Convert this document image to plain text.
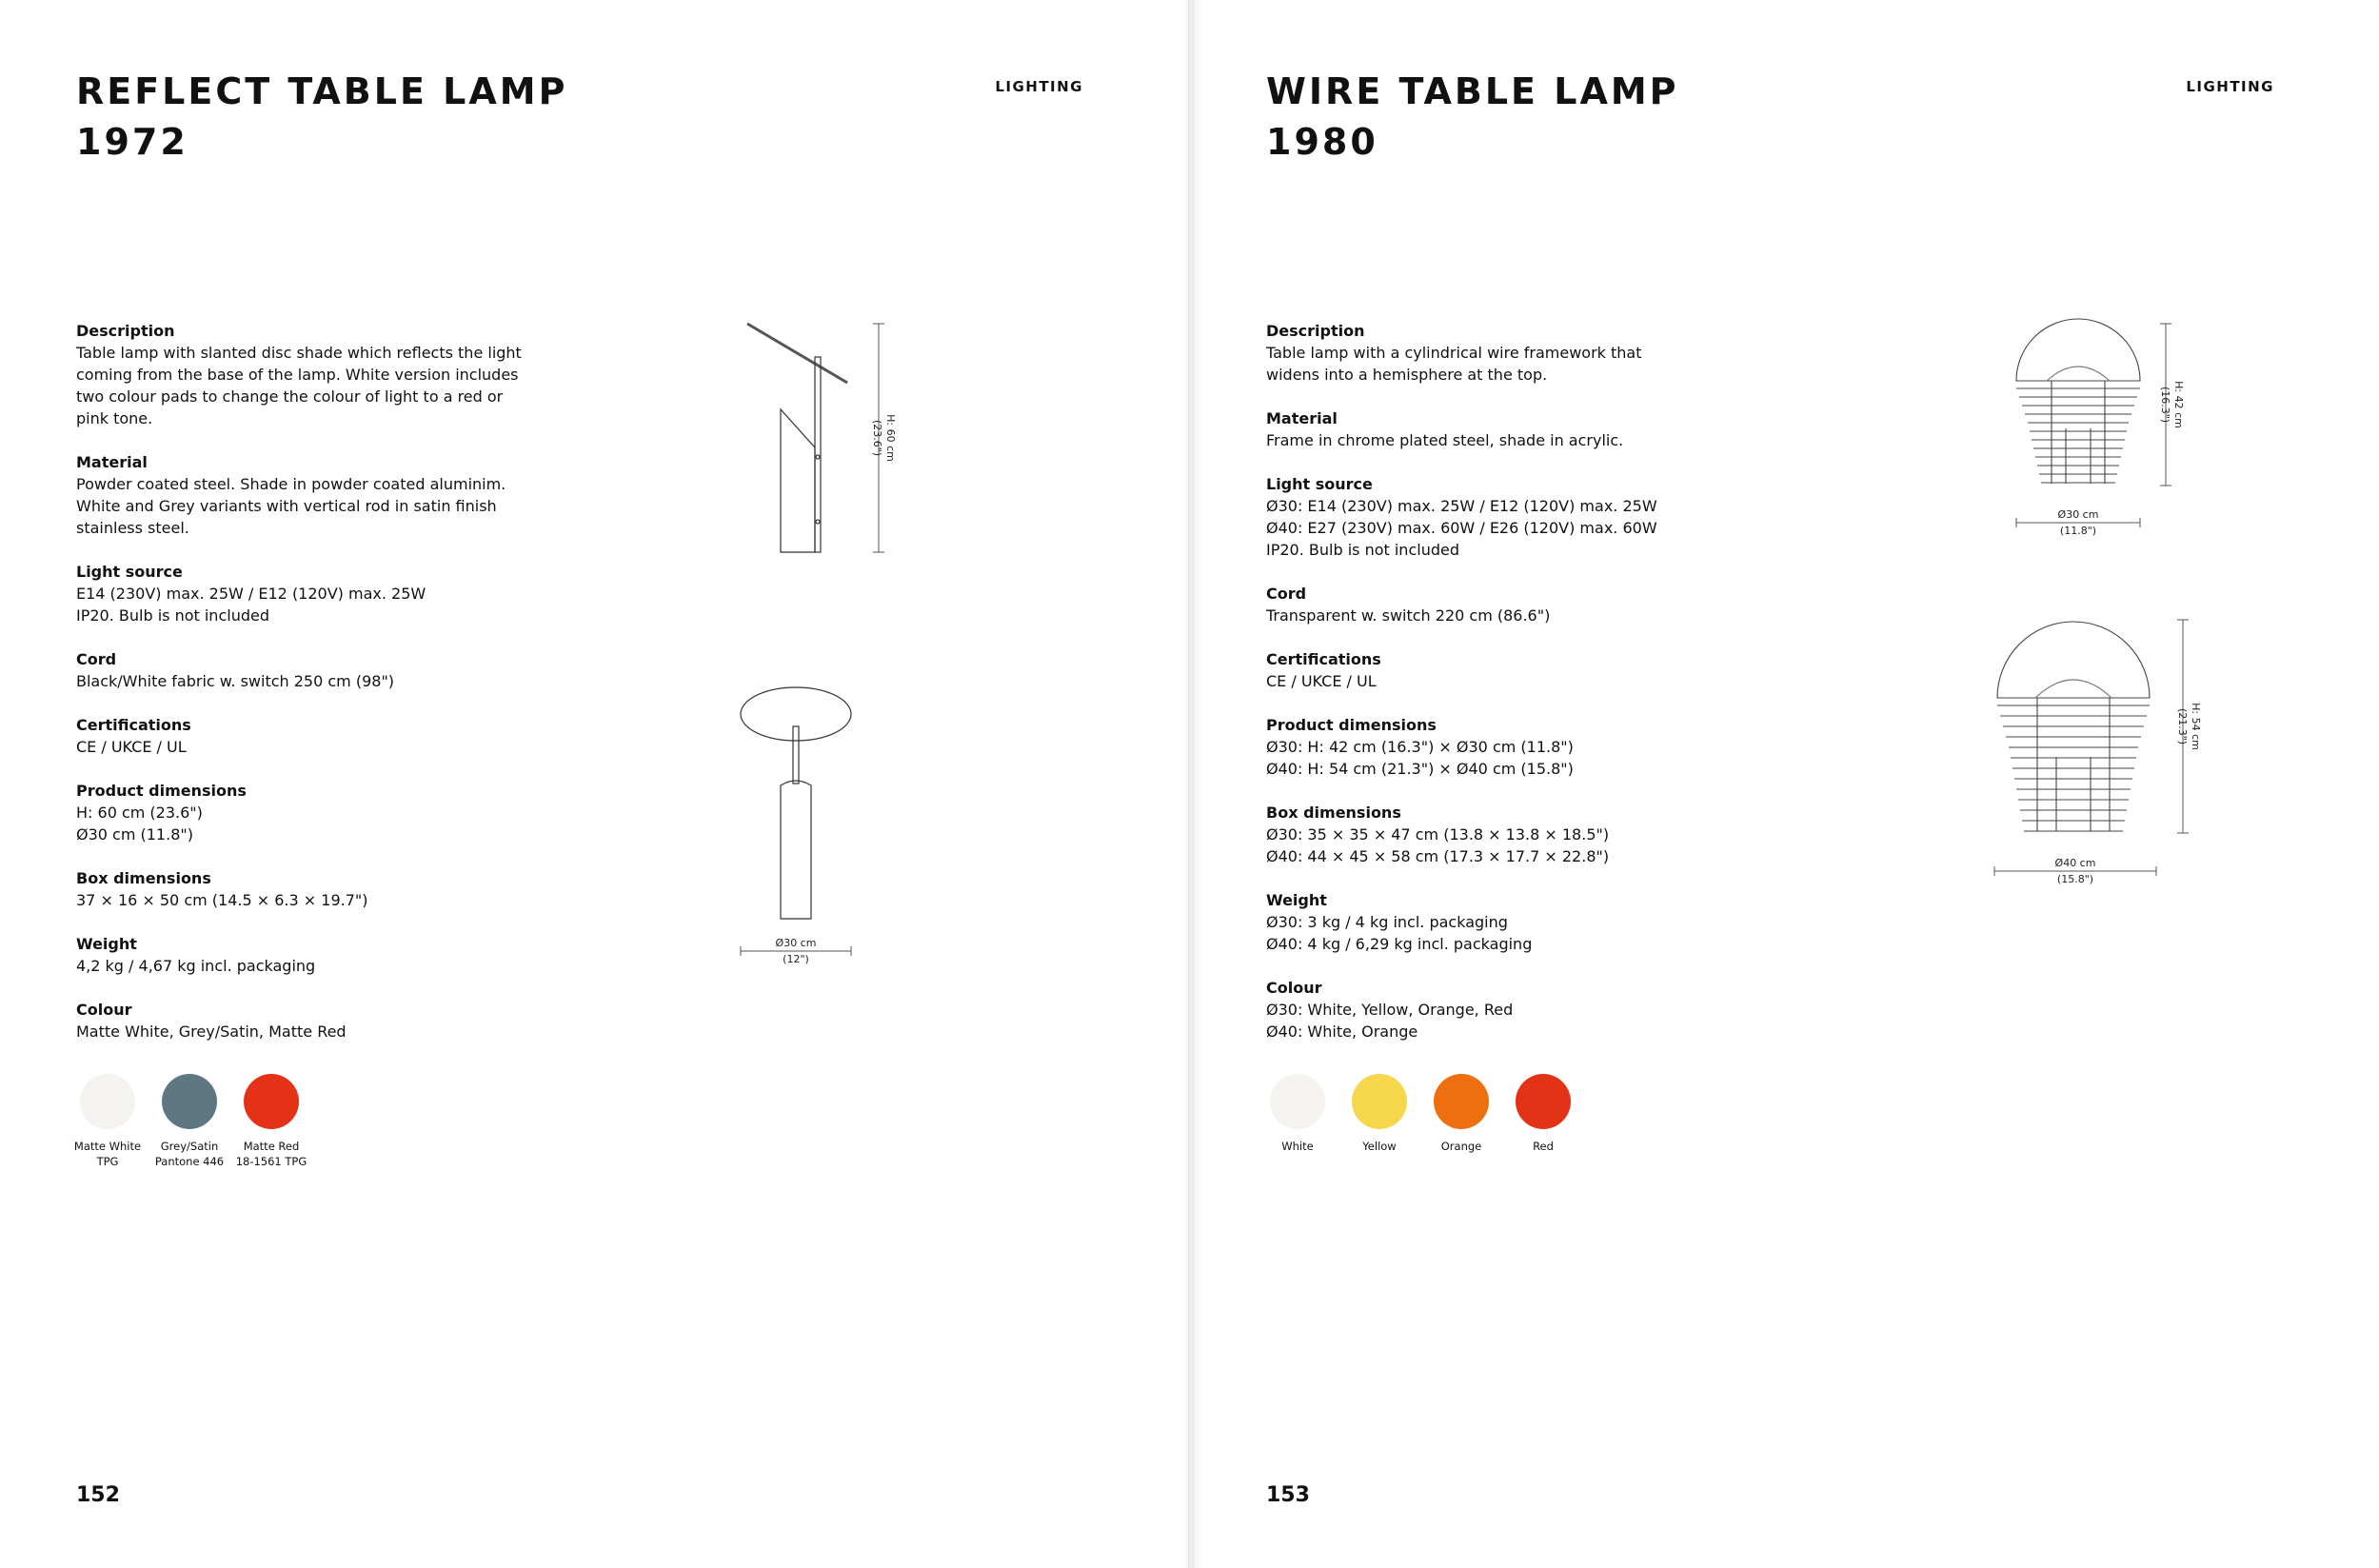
REFLECT TABLE LAMP
1972
LIGHTING
Description
Table lamp with slanted disc shade which reflects the light
coming from the base of the lamp. White version includes
two colour pads to change the colour of light to a red or
pink tone.
Material
Powder coated steel. Shade in powder coated aluminim.
White and Grey variants with vertical rod in satin finish
stainless steel.
Light source
E14 (230V) max. 25W / E12 (120V) max. 25W
IP20. Bulb is not included
Cord
Black/White fabric w. switch 250 cm (98")
Certifications
CE / UKCE / UL
Product dimensions
H: 60 cm (23.6")
Ø30 cm (11.8")
Box dimensions
37 × 16 × 50 cm (14.5 × 6.3 × 19.7")
Weight
4,2 kg / 4,67 kg incl. packaging
Colour
Matte White, Grey/Satin, Matte Red
Matte White
TPG
Grey/Satin
Pantone 446
Matte Red
18-1561 TPG
H: 60 cm
(23.6")
Ø30 cm
(12")
152
WIRE TABLE LAMP
1980
LIGHTING
Description
Table lamp with a cylindrical wire framework that
widens into a hemisphere at the top.
Material
Frame in chrome plated steel, shade in acrylic.
Light source
Ø30: E14 (230V) max. 25W / E12 (120V) max. 25W
Ø40: E27 (230V) max. 60W / E26 (120V) max. 60W
IP20. Bulb is not included
Cord
Transparent w. switch 220 cm (86.6")
Certifications
CE / UKCE / UL
Product dimensions
Ø30: H: 42 cm (16.3") × Ø30 cm (11.8")
Ø40: H: 54 cm (21.3") × Ø40 cm (15.8")
Box dimensions
Ø30: 35 × 35 × 47 cm (13.8 × 13.8 × 18.5")
Ø40: 44 × 45 × 58 cm (17.3 × 17.7 × 22.8")
Weight
Ø30: 3 kg / 4 kg incl. packaging
Ø40: 4 kg / 6,29 kg incl. packaging
Colour
Ø30: White, Yellow, Orange, Red
Ø40: White, Orange
White	Yellow	Orange	Red
H: 42 cm
(16.3")
Ø30 cm
(11.8")
H: 54 cm
(21.3")
Ø40 cm
(15.8")
153
